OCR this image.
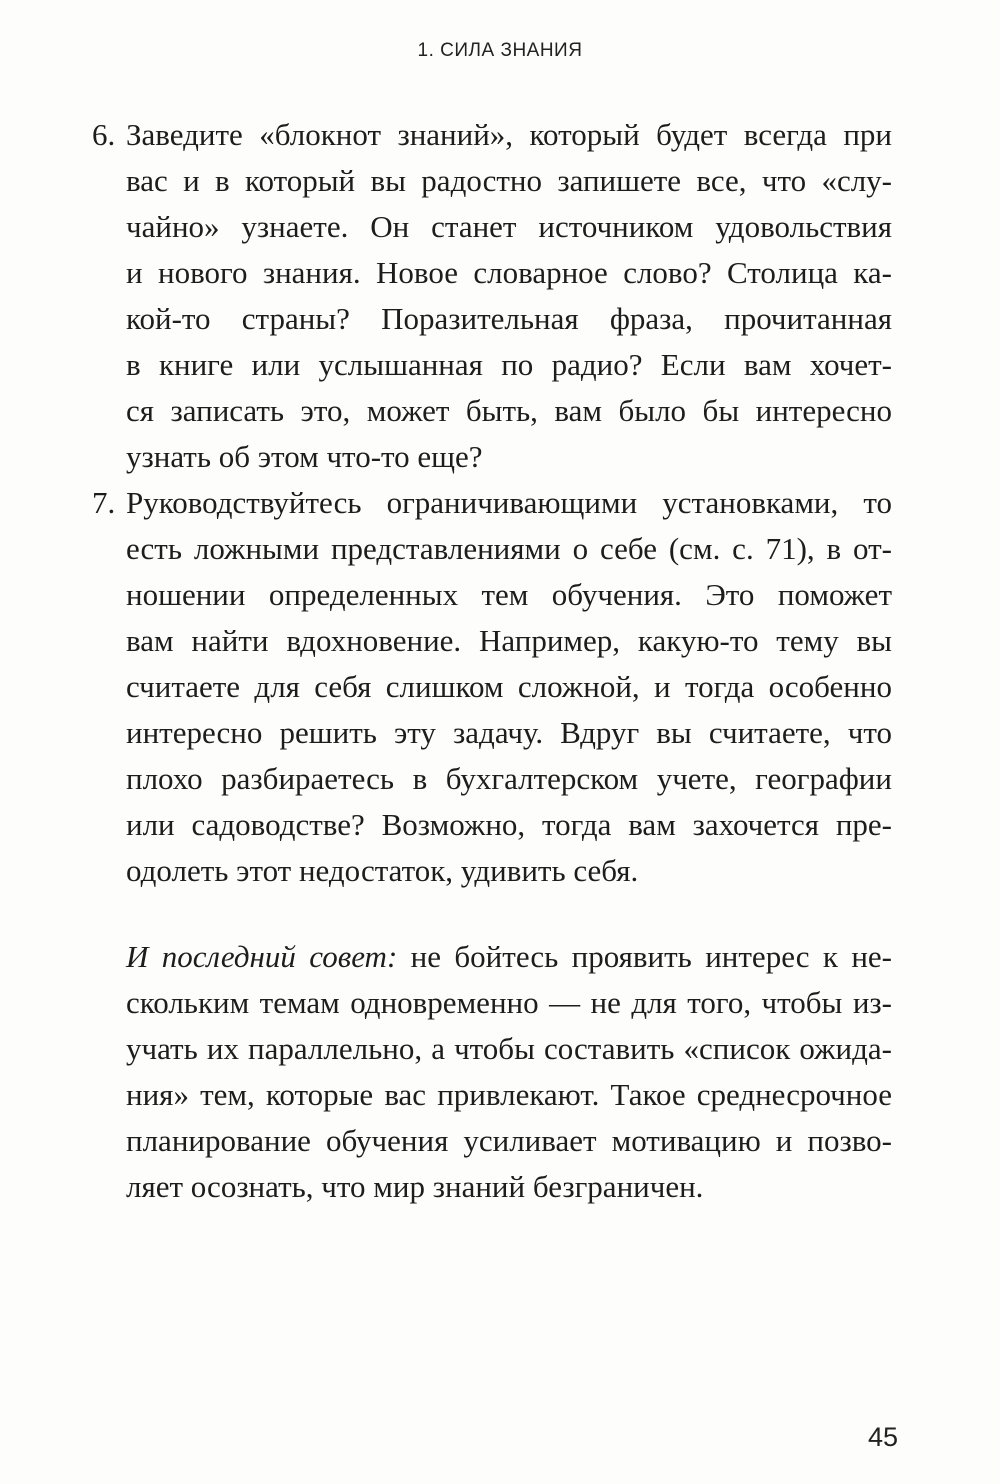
1. СИЛА ЗНАНИЯ
6. Заведите «блокнот знаний», который будет всегда при
вас и в который вы радостно запишете все, что «слу-
чайно» узнаете. Он станет источником удовольствия
и нового знания. Новое словарное слово? Столица ка-
кой-то страны? Поразительная фраза, прочитанная
в книге или услышанная по радио? Если вам хочет-
ся записать это, может быть, вам было бы интересно
узнать об этом что-то еще?
7. Руководствуйтесь ограничивающими установками, то
есть ложными представлениями о себе (см. с. 71), в от-
ношении определенных тем обучения. Это поможет
вам найти вдохновение. Например, какую-то тему вы
считаете для себя слишком сложной, и тогда особенно
интересно решить эту задачу. Вдруг вы считаете, что
плохо разбираетесь в бухгалтерском учете, географии
или садоводстве? Возможно, тогда вам захочется пре-
одолеть этот недостаток, удивить себя.
И последний совет: не бойтесь проявить интерес к не-
скольким темам одновременно — не для того, чтобы из-
учать их параллельно, а чтобы составить «список ожида-
ния» тем, которые вас привлекают. Такое среднесрочное
планирование обучения усиливает мотивацию и позво-
ляет осознать, что мир знаний безграничен.
45
